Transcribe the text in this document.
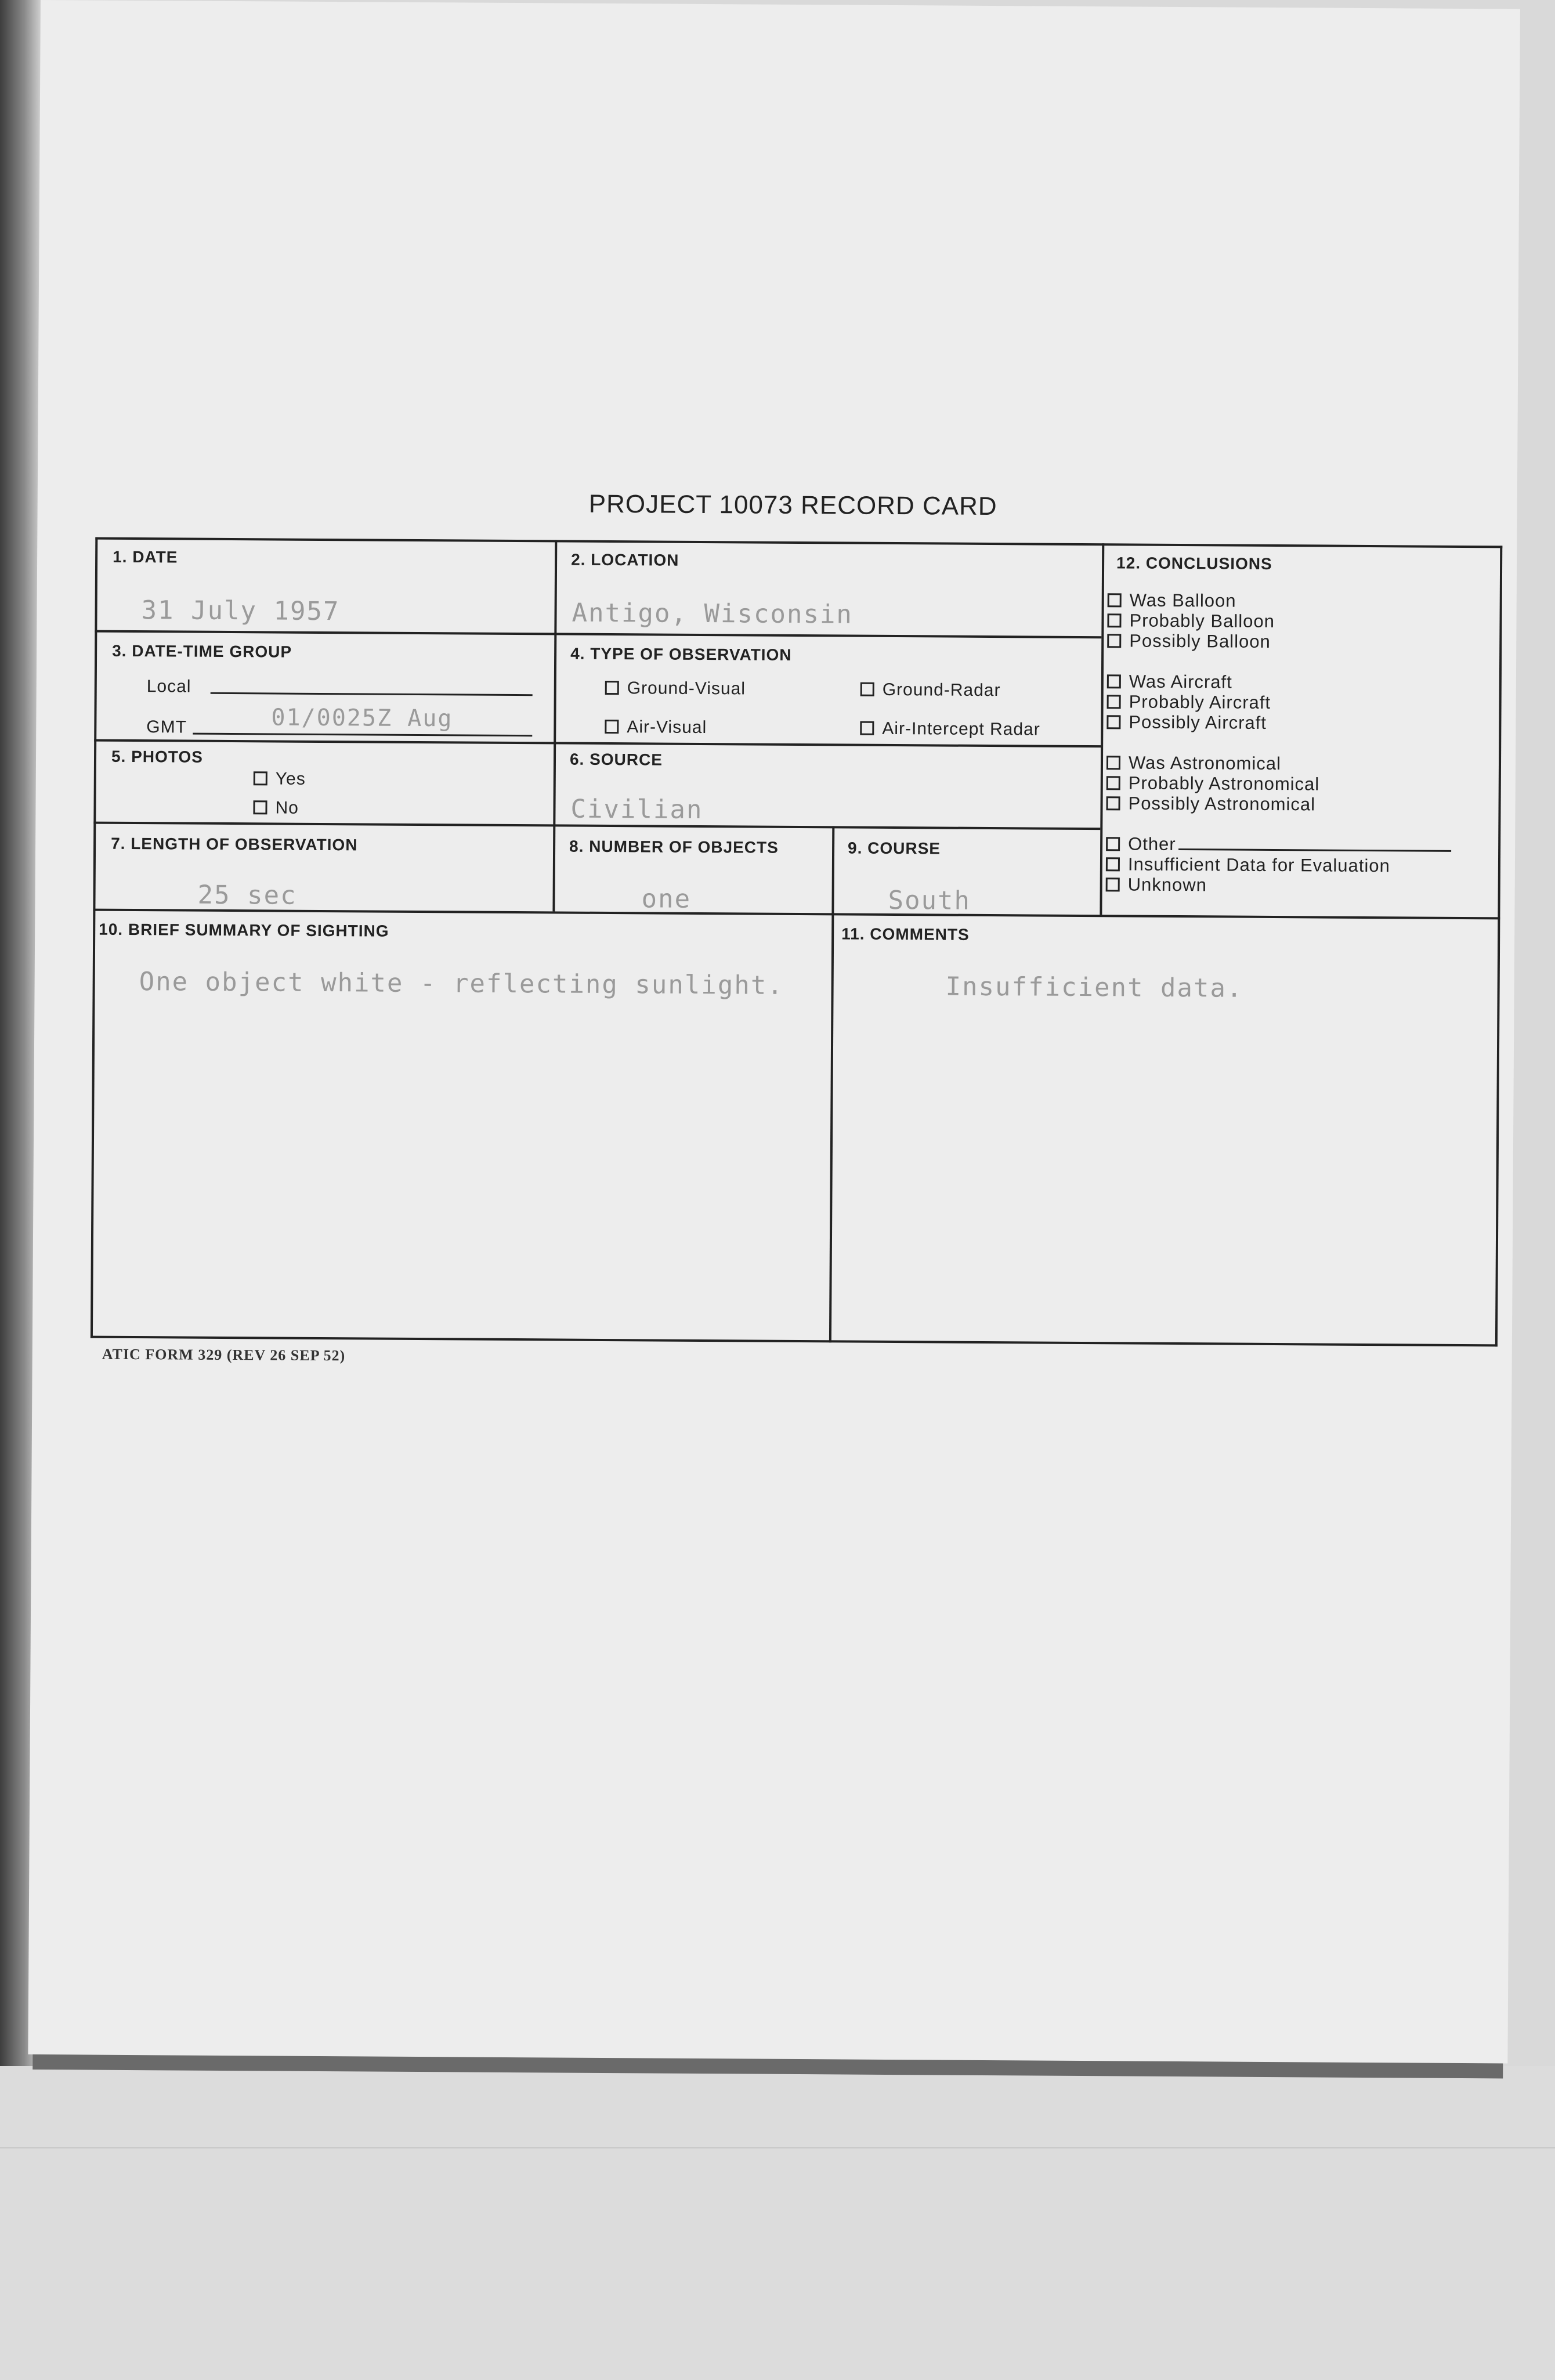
PROJECT 10073 RECORD CARD
1. DATE
31 July 1957
2. LOCATION
Antigo, Wisconsin
3. DATE-TIME GROUP
Local
GMT	01/0025Z Aug
4. TYPE OF OBSERVATION
Ground-Visual	Ground-Radar
Air-Visual	Air-Intercept Radar
5. PHOTOS
Yes
No
6. SOURCE
Civilian
7. LENGTH OF OBSERVATION
25 sec
8. NUMBER OF OBJECTS
one
9. COURSE
South
10. BRIEF SUMMARY OF SIGHTING
One object white - reflecting sunlight.
11. COMMENTS
Insufficient data.
12. CONCLUSIONS
Was Balloon
Probably Balloon
Possibly Balloon
Was Aircraft
Probably Aircraft
Possibly Aircraft
Was Astronomical
Probably Astronomical
Possibly Astronomical
Other
Insufficient Data for Evaluation
Unknown
ATIC FORM 329 (REV 26 SEP 52)
